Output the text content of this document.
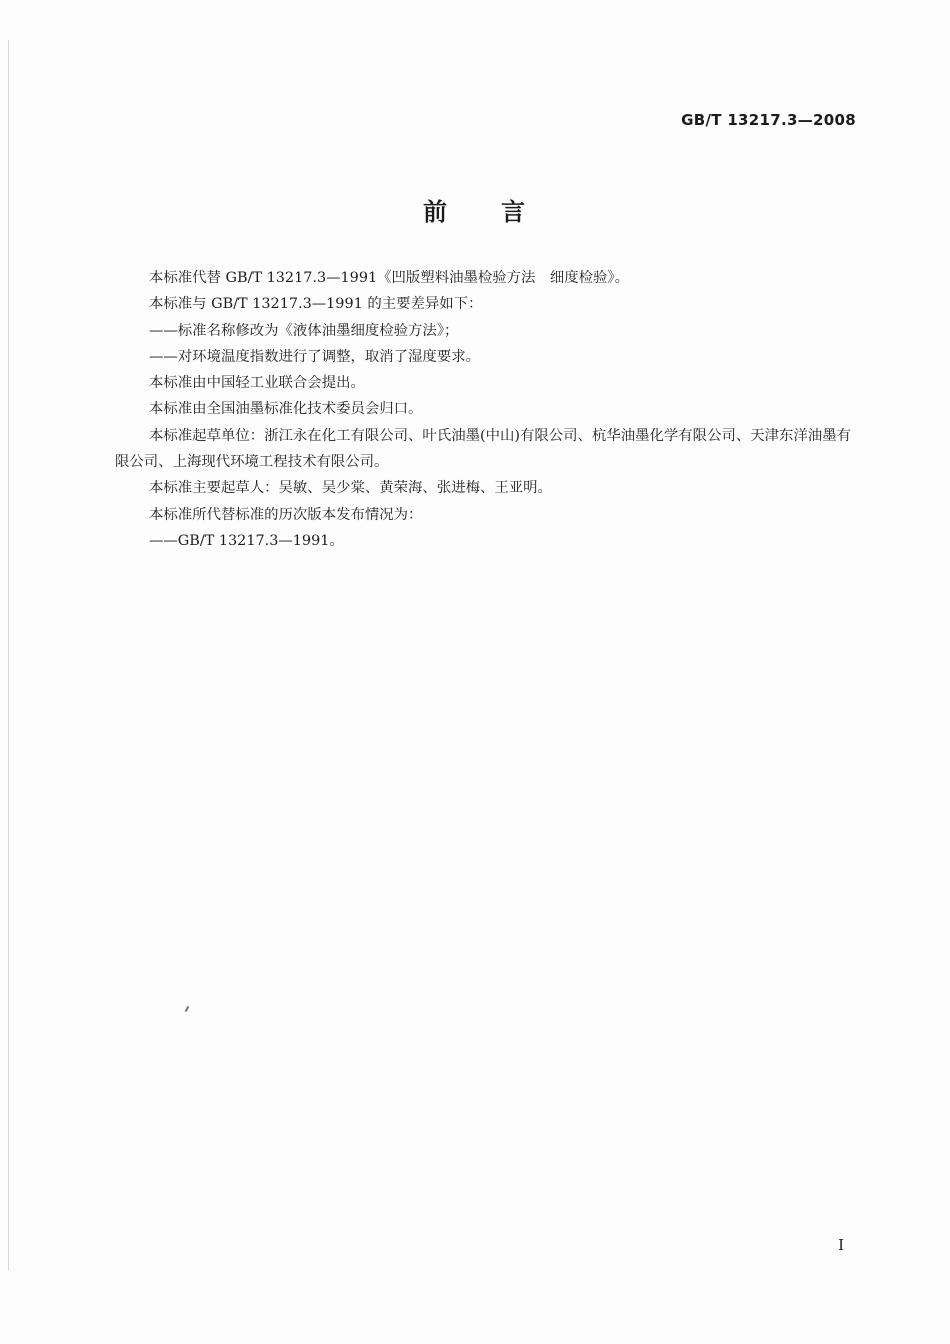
GB/T 13217.3—2008
前 言

本标准代替 GB/T 13217.3—1991《凹版塑料油墨检验方法　细度检验》。

本标准与 GB/T 13217.3—1991 的主要差异如下：

——标准名称修改为《液体油墨细度检验方法》；

——对环境温度指数进行了调整，取消了湿度要求。

本标准由中国轻工业联合会提出。

本标准由全国油墨标准化技术委员会归口。

本标准起草单位：浙江永在化工有限公司、叶氏油墨(中山)有限公司、杭华油墨化学有限公司、天津东洋油墨有限公司、上海现代环境工程技术有限公司。

本标准主要起草人：吴敏、吴少棠、黄荣海、张进梅、王亚明。

本标准所代替标准的历次版本发布情况为：

——GB/T 13217.3—1991。

I
